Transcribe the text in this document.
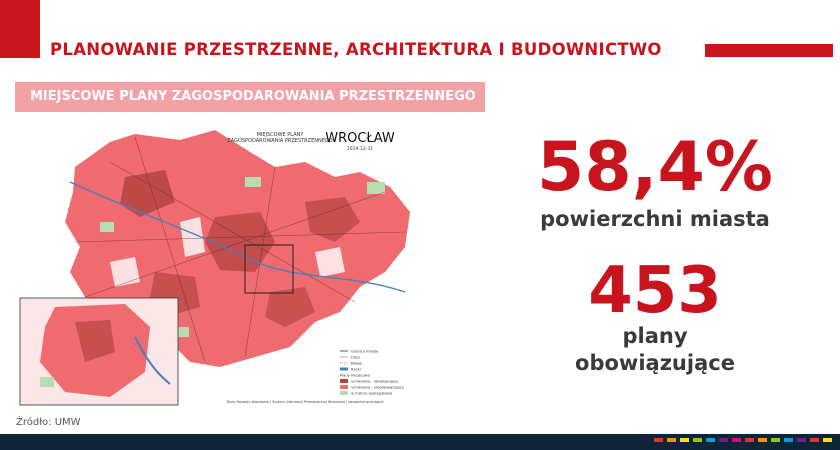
PLANOWANIE PRZESTRZENNE, ARCHITEKTURA I BUDOWNICTWO
MIEJSCOWE PLANY ZAGOSPODAROWANIA PRZESTRZENNEGO
MIEJSCOWE PLANY
ZAGOSPODAROWANIA PRZESTRZENNEGO
WROCŁAW
2019-12-31
Granica miasta
Ulice
Koleje
Rzeki
Plany miejscowe
uchwalone - obowiązujące
uchwalone - nieobowiązujące
w trakcie sporządzania
Biuro Rozwoju Wrocławia | System Informacji Przestrzennej Wrocławia | geoportal.wroclaw.pl
58,4%
powierzchni miasta
453
plany
obowiązujące
Źródło: UMW
